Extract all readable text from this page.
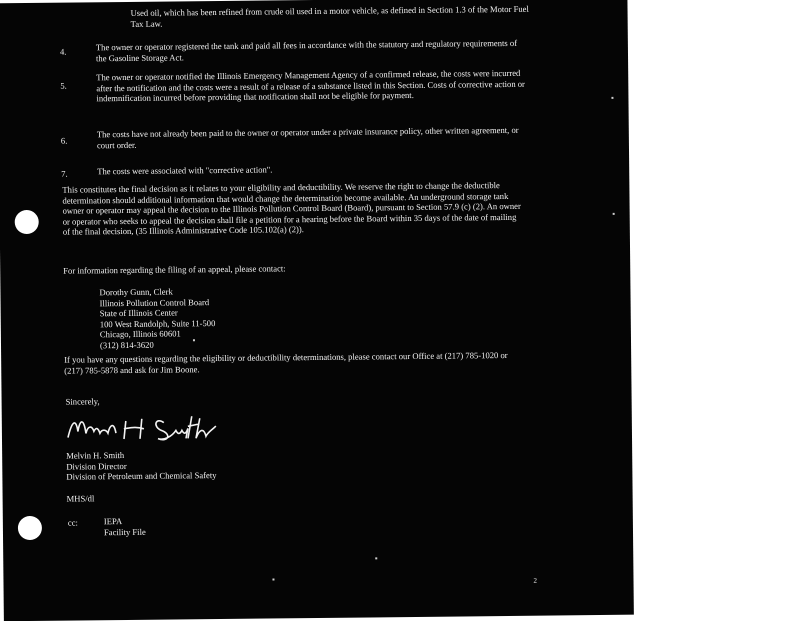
Used oil, which has been refined from crude oil used in a motor vehicle, as defined in Section 1.3 of the Motor Fuel Tax Law.
4.	The owner or operator registered the tank and paid all fees in accordance with the statutory and regulatory requirements of the Gasoline Storage Act.
5.
The owner or operator notified the Illinois Emergency Management Agency of a confirmed release, the costs were incurred after the notification and the costs were a result of a release of a substance listed in this Section. Costs of corrective action or indemnification incurred before providing that notification shall not be eligible for payment.
6.
The costs have not already been paid to the owner or operator under a private insurance policy, other written agreement, or court order.
7.	The costs were associated with "corrective action".
This constitutes the final decision as it relates to your eligibility and deductibility. We reserve the right to change the deductible determination should additional information that would change the determination become available. An underground storage tank owner or operator may appeal the decision to the Illinois Pollution Control Board (Board), pursuant to Section 57.9 (c) (2). An owner or operator who seeks to appeal the decision shall file a petition for a hearing before the Board within 35 days of the date of mailing of the final decision, (35 Illinois Administrative Code 105.102(a) (2)).
For information regarding the filing of an appeal, please contact:
Dorothy Gunn, Clerk
Illinois Pollution Control Board
State of Illinois Center
100 West Randolph, Suite 11-500
Chicago, Illinois 60601
(312) 814-3620
If you have any questions regarding the eligibility or deductibility determinations, please contact our Office at (217) 785-1020 or (217) 785-5878 and ask for Jim Boone.
Sincerely,
Melvin H. Smith
Division Director
Division of Petroleum and Chemical Safety
MHS/dl
cc:	IEPA
Facility File
2
